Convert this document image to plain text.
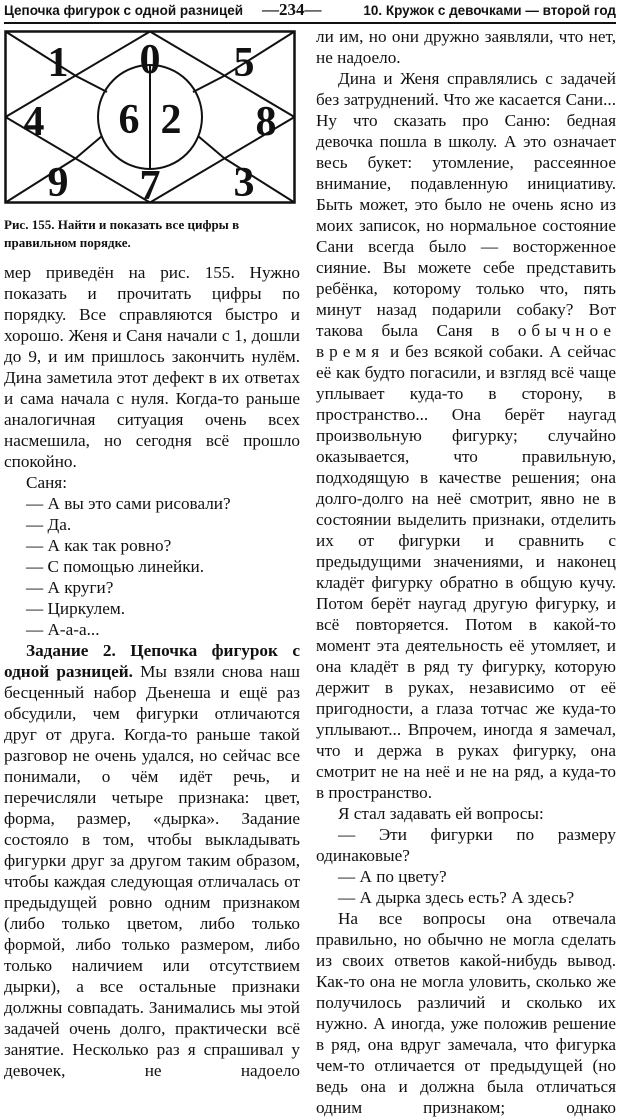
Цепочка фигурок с одной разницей —234—	10. Кружок с девочками — второй год
1 0 5
4 6 2 8
9 7 3
Рис. 155. Найти и показать все цифры в правильном порядке.

мер приведён на рис. 155. Нужно показать и прочитать цифры по порядку. Все справляются быстро и хорошо. Женя и Саня начали с 1, дошли до 9, и им пришлось закончить нулём. Дина заметила этот дефект в их ответах и сама начала с нуля. Когда-то раньше аналогичная ситуация очень всех насмешила, но сегодня всё прошло спокойно.

Саня:

— А вы это сами рисовали?

— Да.

— А как так ровно?

— С помощью линейки.

— А круги?

— Циркулем.

— А-а-а...

Задание 2. Цепочка фигурок с одной разницей. Мы взяли снова наш бесценный набор Дьенеша и ещё раз обсудили, чем фигурки отличаются друг от друга. Когда-то раньше такой разговор не очень удался, но сейчас все понимали, о чём идёт речь, и перечисляли четыре признака: цвет, форма, размер, «дырка». Задание состояло в том, чтобы выкладывать фигурки друг за другом таким образом, чтобы каждая следующая отличалась от предыдущей ровно одним признаком (либо только цветом, либо только формой, либо только размером, либо только наличием или отсутствием дырки), а все остальные признаки должны совпадать. Занимались мы этой задачей очень долго, практически всё занятие. Несколько раз я спрашивал у девочек, не надоело

ли им, но они дружно заявляли, что нет, не надоело.

Дина и Женя справлялись с задачей без затруднений. Что же касается Сани... Ну что сказать про Саню: бедная девочка пошла в школу. А это означает весь букет: утомление, рассеянное внимание, подавленную инициативу. Быть может, это было не очень ясно из моих записок, но нормальное состояние Сани всегда было — восторженное сияние. Вы можете себе представить ребёнка, которому только что, пять минут назад подарили собаку? Вот такова была Саня в обычное время и без всякой собаки. А сейчас её как будто погасили, и взгляд всё чаще уплывает куда-то в сторону, в пространство... Она берёт наугад произвольную фигурку; случайно оказывается, что правильную, подходящую в качестве решения; она долго-долго на неё смотрит, явно не в состоянии выделить признаки, отделить их от фигурки и сравнить с предыдущими значениями, и наконец кладёт фигурку обратно в общую кучу. Потом берёт наугад другую фигурку, и всё повторяется. Потом в какой-то момент эта деятельность её утомляет, и она кладёт в ряд ту фигурку, которую держит в руках, независимо от её пригодности, а глаза тотчас же куда-то уплывают... Впрочем, иногда я замечал, что и держа в руках фигурку, она смотрит не на неё и не на ряд, а куда-то в пространство.

Я стал задавать ей вопросы:

— Эти фигурки по размеру одинаковые?

— А по цвету?

— А дырка здесь есть? А здесь?

На все вопросы она отвечала правильно, но обычно не могла сделать из своих ответов какой-нибудь вывод. Как-то она не могла уловить, сколько же получилось различий и сколько их нужно. А иногда, уже положив решение в ряд, она вдруг замечала, что фигурка чем-то отличается от предыдущей (но ведь она и должна была отличаться одним признаком; однако
